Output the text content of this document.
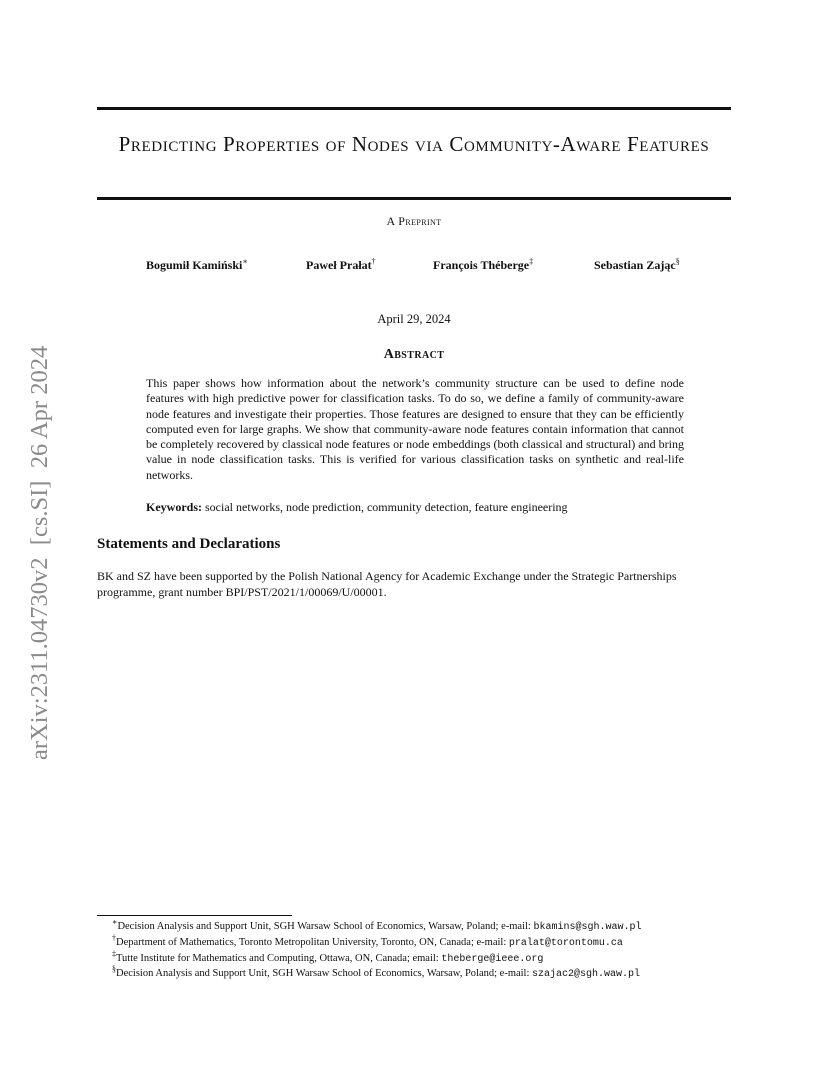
Predicting Properties of Nodes via Community-Aware Features
A Preprint
Bogumił Kamiński∗	Paweł Prałat†	François Théberge‡	Sebastian Zając§
April 29, 2024
Abstract

This paper shows how information about the network’s community structure can be used to define node features with high predictive power for classification tasks. To do so, we define a family of community-aware node features and investigate their properties. Those features are designed to ensure that they can be efficiently computed even for large graphs. We show that community-aware node features contain information that cannot be completely recovered by classical node features or node embeddings (both classical and structural) and bring value in node classification tasks. This is verified for various classification tasks on synthetic and real-life networks.

Keywords: social networks, node prediction, community detection, feature engineering
Statements and Declarations

BK and SZ have been supported by the Polish National Agency for Academic Exchange under the Strategic Partnerships programme, grant number BPI/PST/2021/1/00069/U/00001.

arXiv:2311.04730v2  [cs.SI]  26 Apr 2024
∗Decision Analysis and Support Unit, SGH Warsaw School of Economics, Warsaw, Poland; e-mail: bkamins@sgh.waw.pl
†Department of Mathematics, Toronto Metropolitan University, Toronto, ON, Canada; e-mail: pralat@torontomu.ca
‡Tutte Institute for Mathematics and Computing, Ottawa, ON, Canada; email: theberge@ieee.org
§Decision Analysis and Support Unit, SGH Warsaw School of Economics, Warsaw, Poland; e-mail: szajac2@sgh.waw.pl
